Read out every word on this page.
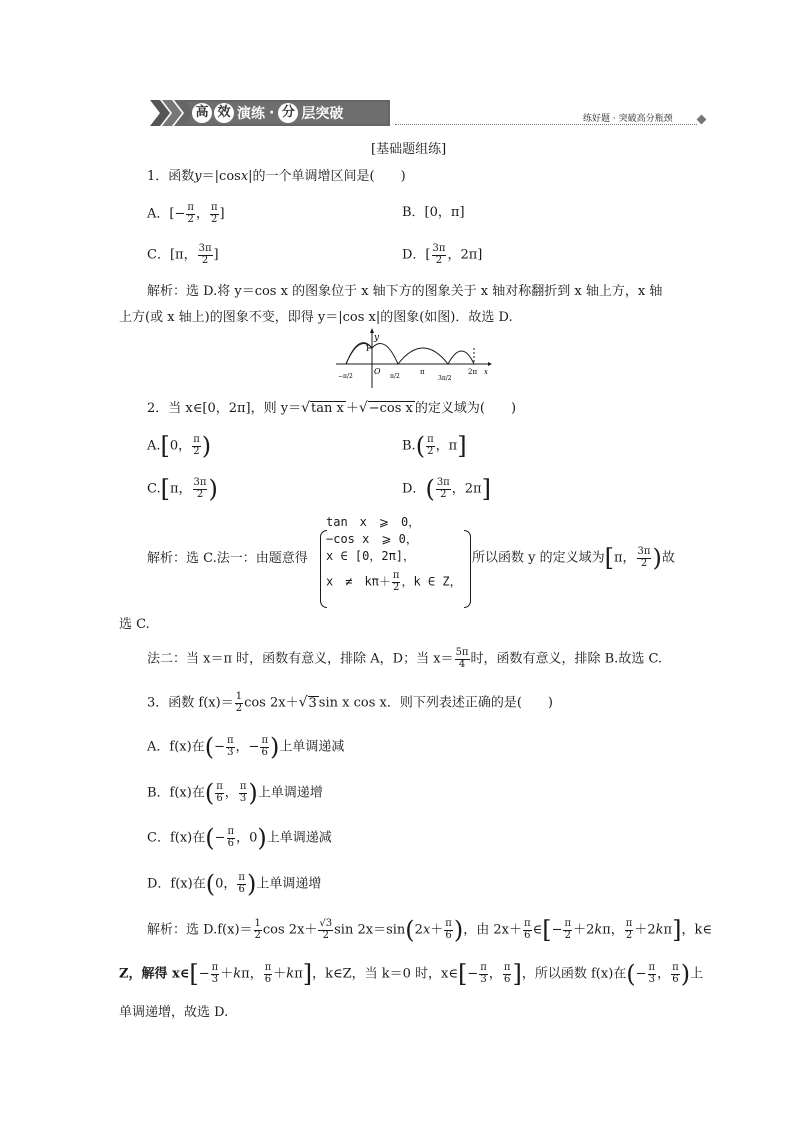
高 效 演练 · 分 层突破	练好题 · 突破高分瓶颈
[基础题组练]
1．函数y＝|cosx|的一个单调增区间是(　　)
A．[− $\frac{\pi}{2}$ ， $\frac{\pi}{2}$ ]	B．[0，π]
C．[π， $\frac{3\pi}{2}$ ]	D．[ $\frac{3\pi}{2}$ ，2π]
解析：选 D.将 y＝cos x 的图象位于 x 轴下方的图象关于 x 轴对称翻折到 x 轴上方，x 轴
上方(或 x 轴上)的图象不变，即得 y＝|cos x|的图象(如图)．故选 D.
y
1
O	x
−π/2	π/2
π
3π/2
2π
2．当 x∈[0，2π]，则 y＝√tan x ＋√−cos x 的定义域为(　　)
A.[0， $\frac{\pi}{2}$ )	$B.( \frac{\pi}{2}$ ，π]
C.[π， $\frac{3\pi}{2}$ )	D．( $\frac{3\pi}{2}$ ，2π]
解析：选 C.法一：由题意得
tan　x　⩾　0，
−cos x　⩾ 0，
x ∈ [0，2π]，
x　≠　$k\pi+ \frac{\pi}{2}$ ，k ∈ Z，
所以函数 y 的定义域为[π， $\frac{3\pi}{2}$ )故
选 C.
法二：当 x＝π 时，函数有意义，排除 A，D；当 $x= \frac{5\pi}{4}$ 时，函数有意义，排除 B.故选 C.
3．函数 $f(x)= \frac{1}{2}$ cos 2x＋√3 sin x cos x．则下列表述正确的是(　　)
A．f(x)在(− $\frac{\pi}{3}$ ，− $\frac{\pi}{6}$ )上单调递减
B．f(x)在( $\frac{\pi}{6}$ ， $\frac{\pi}{3}$ )上单调递增
C．f(x)在(− $\frac{\pi}{6}$ ，0)上单调递减
D．f(x)在(0， $\frac{\pi}{6}$ )上单调递增
解析：选 $D.f(x)= \frac{1}{2}$ $\cos 2x+ \frac{√3}{2}$ $\sin 2x=\sin(2x+ \frac{\pi}{6}$ )，由 $2x+ \frac{\pi}{6}$ ∈[− $\frac{\pi}{2} +2k\pi$， $\frac{\pi}{2} +2k\pi$]，k∈
Z，解得 x∈[− $\frac{\pi}{3} +k\pi$， $\frac{\pi}{6} +k\pi$]，k∈Z，当 k＝0 时，x∈[− $\frac{\pi}{3}$ ， $\frac{\pi}{6}$ ]，所以函数 f(x)在(− $\frac{\pi}{3}$ ， $\frac{\pi}{6}$ )上
单调递增，故选 D.
